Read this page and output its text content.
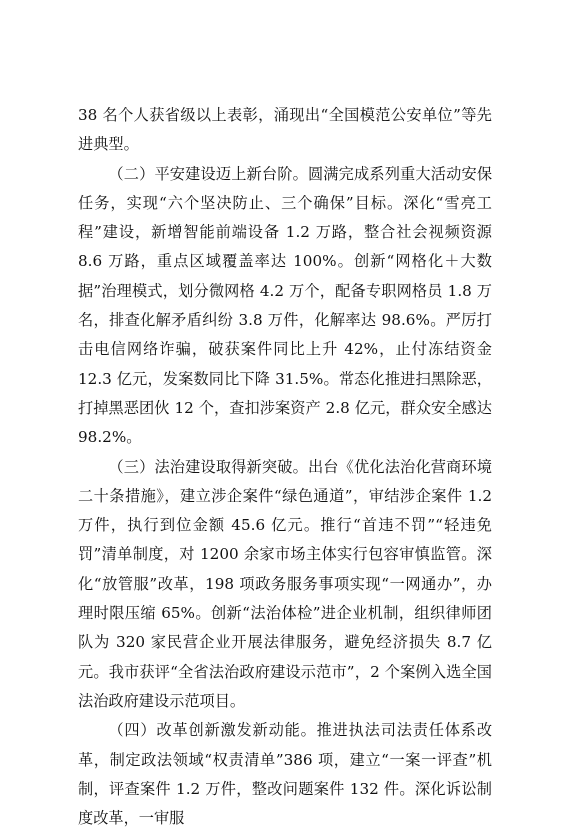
38 名个人获省级以上表彰，涌现出“全国模范公安单位”等先进典型。

（二）平安建设迈上新台阶。圆满完成系列重大活动安保任务，实现“六个坚决防止、三个确保”目标。深化“雪亮工程”建设，新增智能前端设备 1.2 万路，整合社会视频资源 8.6 万路，重点区域覆盖率达 100%。创新“网格化＋大数据”治理模式，划分微网格 4.2 万个，配备专职网格员 1.8 万名，排查化解矛盾纠纷 3.8 万件，化解率达 98.6%。严厉打击电信网络诈骗，破获案件同比上升 42%，止付冻结资金 12.3 亿元，发案数同比下降 31.5%。常态化推进扫黑除恶，打掉黑恶团伙 12 个，查扣涉案资产 2.8 亿元，群众安全感达 98.2%。

（三）法治建设取得新突破。出台《优化法治化营商环境二十条措施》，建立涉企案件“绿色通道”，审结涉企案件 1.2 万件，执行到位金额 45.6 亿元。推行“首违不罚”“轻违免罚”清单制度，对 1200 余家市场主体实行包容审慎监管。深化“放管服”改革，198 项政务服务事项实现“一网通办”，办理时限压缩 65%。创新“法治体检”进企业机制，组织律师团队为 320 家民营企业开展法律服务，避免经济损失 8.7 亿元。我市获评“全省法治政府建设示范市”，2 个案例入选全国法治政府建设示范项目。

（四）改革创新激发新动能。推进执法司法责任体系改革，制定政法领域“权责清单”386 项，建立“一案一评查”机制，评查案件 1.2 万件，整改问题案件 132 件。深化诉讼制度改革，一审服
